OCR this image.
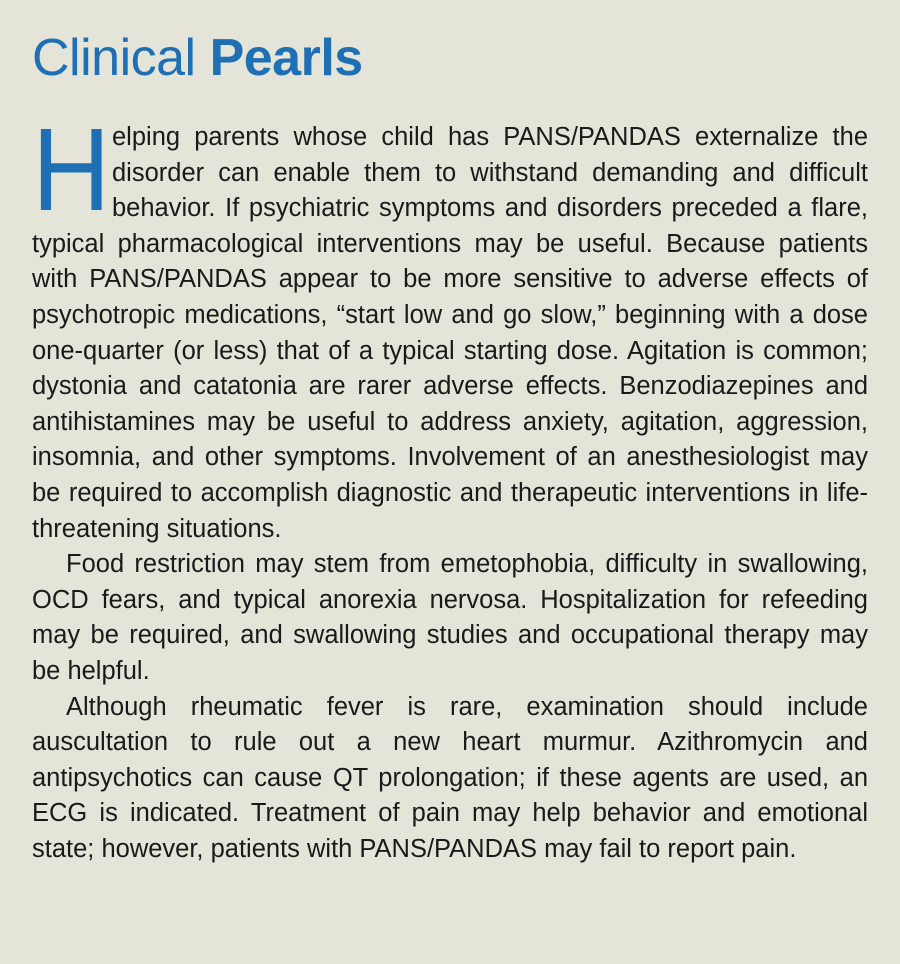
Clinical Pearls

Helping parents whose child has PANS/PANDAS externalize the disorder can enable them to withstand demanding and difficult behavior. If psychiatric symptoms and disorders preceded a flare, typical pharmacological interventions may be useful. Because patients with PANS/PANDAS appear to be more sensitive to adverse effects of psychotropic medications, “start low and go slow,” beginning with a dose one-quarter (or less) that of a typical starting dose. Agitation is common; dystonia and catatonia are rarer adverse effects. Benzodiazepines and antihistamines may be useful to address anxiety, agitation, aggression, insomnia, and other symptoms. Involvement of an anesthesiologist may be required to accomplish diagnostic and therapeutic interventions in life-threatening situations.

Food restriction may stem from emetophobia, difficulty in swallowing, OCD fears, and typical anorexia nervosa. Hospitalization for refeeding may be required, and swallowing studies and occupational therapy may be helpful.

Although rheumatic fever is rare, examination should include auscultation to rule out a new heart murmur. Azithromycin and antipsychotics can cause QT prolongation; if these agents are used, an ECG is indicated. Treatment of pain may help behavior and emotional state; however, patients with PANS/PANDAS may fail to report pain.
